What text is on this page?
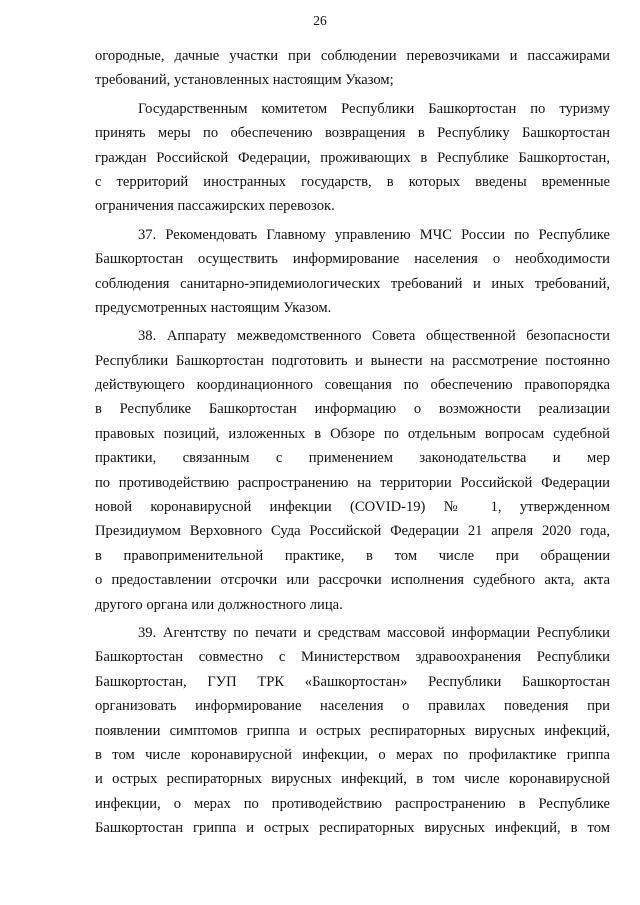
26
огородные, дачные участки при соблюдении перевозчиками и пассажирами
требований, установленных настоящим Указом;
Государственным комитетом Республики Башкортостан по туризму
принять меры по обеспечению возвращения в Республику Башкортостан
граждан Российской Федерации, проживающих в Республике Башкортостан,
с территорий иностранных государств, в которых введены временные
ограничения пассажирских перевозок.
37. Рекомендовать Главному управлению МЧС России по Республике
Башкортостан осуществить информирование населения о необходимости
соблюдения санитарно-эпидемиологических требований и иных требований,
предусмотренных настоящим Указом.
38. Аппарату межведомственного Совета общественной безопасности
Республики Башкортостан подготовить и вынести на рассмотрение постоянно
действующего координационного совещания по обеспечению правопорядка
в Республике Башкортостан информацию о возможности реализации
правовых позиций, изложенных в Обзоре по отдельным вопросам судебной
практики, связанным с применением законодательства и мер
по противодействию распространению на территории Российской Федерации
новой коронавирусной инфекции (COVID-19) № 1, утвержденном
Президиумом Верховного Суда Российской Федерации 21 апреля 2020 года,
в правоприменительной практике, в том числе при обращении
о предоставлении отсрочки или рассрочки исполнения судебного акта, акта
другого органа или должностного лица.
39. Агентству по печати и средствам массовой информации Республики
Башкортостан совместно с Министерством здравоохранения Республики
Башкортостан, ГУП ТРК «Башкортостан» Республики Башкортостан
организовать информирование населения о правилах поведения при
появлении симптомов гриппа и острых респираторных вирусных инфекций,
в том числе коронавирусной инфекции, о мерах по профилактике гриппа
и острых респираторных вирусных инфекций, в том числе коронавирусной
инфекции, о мерах по противодействию распространению в Республике
Башкортостан гриппа и острых респираторных вирусных инфекций, в том
